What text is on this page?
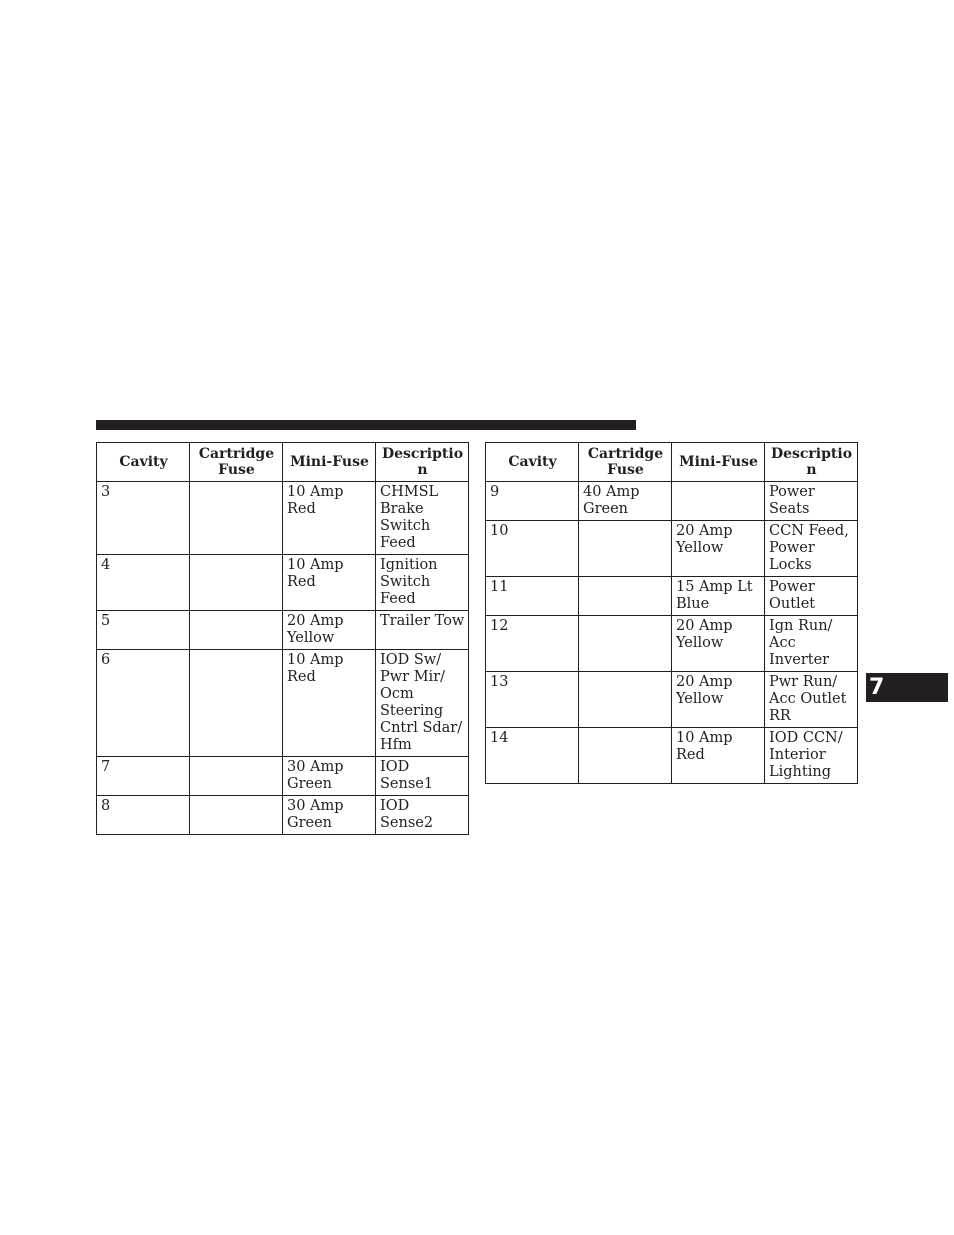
Cavity	Cartridge Fuse	Mini-Fuse	Description
3		10 Amp Red	CHMSL Brake Switch Feed
4		10 Amp Red	Ignition Switch Feed
5		20 Amp Yellow	Trailer Tow
6		10 Amp Red	IOD Sw/ Pwr Mir/ Ocm Steering Cntrl Sdar/ Hfm
7		30 Amp Green	IOD Sense1
8		30 Amp Green	IOD Sense2
Cavity	Cartridge Fuse	Mini-Fuse	Description
9	40 Amp Green		Power Seats
10		20 Amp Yellow	CCN Feed, Power Locks
11		15 Amp Lt Blue	Power Outlet
12		20 Amp Yellow	Ign Run/ Acc Inverter
13		20 Amp Yellow	Pwr Run/ Acc Outlet RR
14		10 Amp Red	IOD CCN/ Interior Lighting
7
